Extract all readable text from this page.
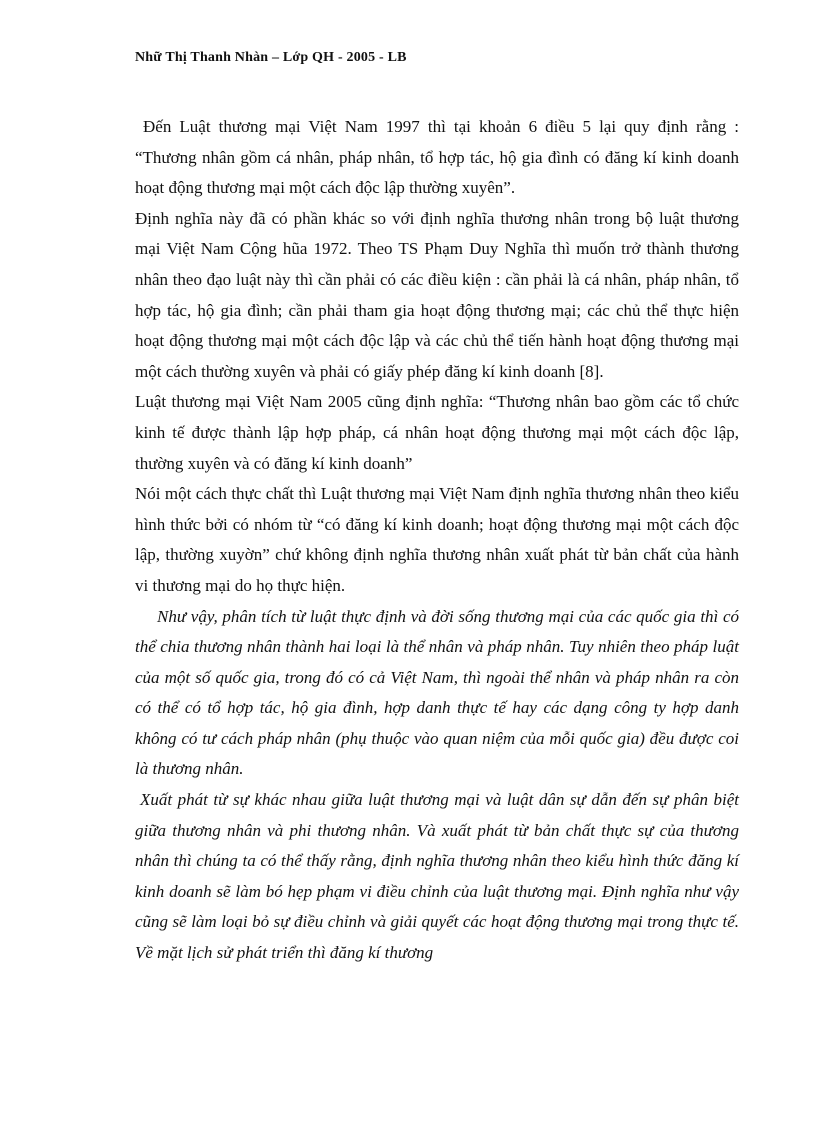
Nhữ Thị Thanh Nhàn – Lớp QH - 2005 - LB

Đến Luật thương mại Việt Nam 1997 thì tại khoản 6 điều 5 lại quy định rằng : “Thương nhân gồm cá nhân, pháp nhân, tổ hợp tác, hộ gia đình có đăng kí kinh doanh hoạt động thương mại một cách độc lập thường xuyên”.

Định nghĩa này đã có phần khác so với định nghĩa thương nhân trong bộ luật thương mại Việt Nam Cộng hũa 1972. Theo TS Phạm Duy Nghĩa thì muốn trở thành thương nhân theo đạo luật này thì cần phải có các điều kiện : cần phải là cá nhân, pháp nhân, tổ hợp tác, hộ gia đình; cần phải tham gia hoạt động thương mại; các chủ thể thực hiện hoạt động thương mại một cách độc lập và các chủ thể tiến hành hoạt động thương mại một cách thường xuyên và phải có giấy phép đăng kí kinh doanh [8].

Luật thương mại Việt Nam 2005 cũng định nghĩa: “Thương nhân bao gồm các tổ chức kinh tế được thành lập hợp pháp, cá nhân hoạt động thương mại một cách độc lập, thường xuyên và có đăng kí kinh doanh”

Nói một cách thực chất thì Luật thương mại Việt Nam định nghĩa thương nhân theo kiểu hình thức bởi có nhóm từ “có đăng kí kinh doanh; hoạt động thương mại một cách độc lập, thường xuyờn” chứ không định nghĩa thương nhân xuất phát từ bản chất của hành vi thương mại do họ thực hiện.

Như vậy, phân tích từ luật thực định và đời sống thương mại của các quốc gia thì có thể chia thương nhân thành hai loại là thể nhân và pháp nhân. Tuy nhiên theo pháp luật của một số quốc gia, trong đó có cả Việt Nam, thì ngoài thể nhân và pháp nhân ra còn có thể có tổ hợp tác, hộ gia đình, hợp danh thực tế hay các dạng công ty hợp danh không có tư cách pháp nhân (phụ thuộc vào quan niệm của mỗi quốc gia) đều được coi là thương nhân.

Xuất phát từ sự khác nhau giữa luật thương mại và luật dân sự dẫn đến sự phân biệt giữa thương nhân và phi thương nhân. Và xuất phát từ bản chất thực sự của thương nhân thì chúng ta có thể thấy rằng, định nghĩa thương nhân theo kiểu hình thức đăng kí kinh doanh sẽ làm bó hẹp phạm vi điều chỉnh của luật thương mại. Định nghĩa như vậy cũng sẽ làm loại bỏ sự điều chỉnh và giải quyết các hoạt động thương mại trong thực tế. Về mặt lịch sử phát triển thì đăng kí thương
